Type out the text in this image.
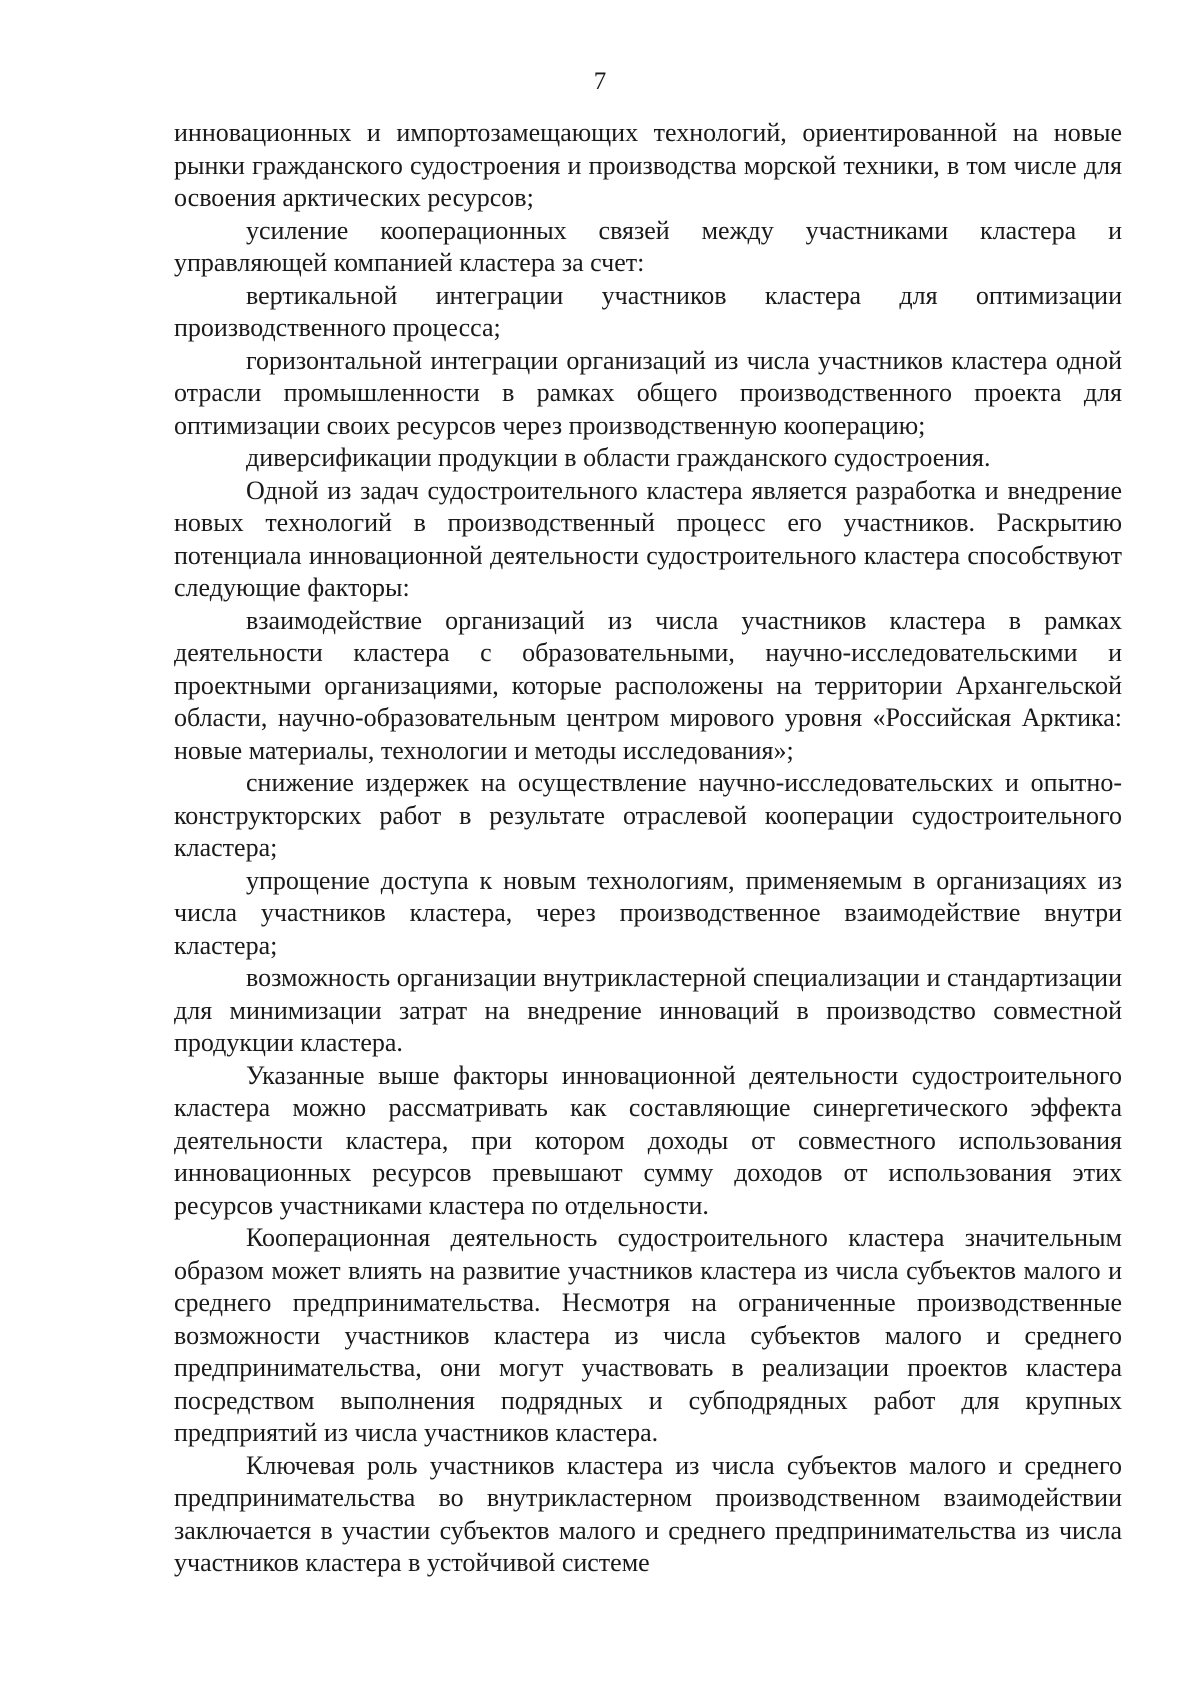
7

инновационных и импортозамещающих технологий, ориентированной на новые рынки гражданского судостроения и производства морской техники, в том числе для освоения арктических ресурсов;

усиление кооперационных связей между участниками кластера и управляющей компанией кластера за счет:

вертикальной интеграции участников кластера для оптимизации производственного процесса;

горизонтальной интеграции организаций из числа участников кластера одной отрасли промышленности в рамках общего производственного проекта для оптимизации своих ресурсов через производственную кооперацию;

диверсификации продукции в области гражданского судостроения.

Одной из задач судостроительного кластера является разработка и внедрение новых технологий в производственный процесс его участников. Раскрытию потенциала инновационной деятельности судостроительного кластера способствуют следующие факторы:

взаимодействие организаций из числа участников кластера в рамках деятельности кластера с образовательными, научно-исследовательскими и проектными организациями, которые расположены на территории Архангельской области, научно-образовательным центром мирового уровня «Российская Арктика: новые материалы, технологии и методы исследования»;

снижение издержек на осуществление научно-исследовательских и опытно-конструкторских работ в результате отраслевой кооперации судостроительного кластера;

упрощение доступа к новым технологиям, применяемым в организациях из числа участников кластера, через производственное взаимодействие внутри кластера;

возможность организации внутрикластерной специализации и стандартизации для минимизации затрат на внедрение инноваций в производство совместной продукции кластера.

Указанные выше факторы инновационной деятельности судостроительного кластера можно рассматривать как составляющие синергетического эффекта деятельности кластера, при котором доходы от совместного использования инновационных ресурсов превышают сумму доходов от использования этих ресурсов участниками кластера по отдельности.

Кооперационная деятельность судостроительного кластера значительным образом может влиять на развитие участников кластера из числа субъектов малого и среднего предпринимательства. Несмотря на ограниченные производственные возможности участников кластера из числа субъектов малого и среднего предпринимательства, они могут участвовать в реализации проектов кластера посредством выполнения подрядных и субподрядных работ для крупных предприятий из числа участников кластера.

Ключевая роль участников кластера из числа субъектов малого и среднего предпринимательства во внутрикластерном производственном взаимодействии заключается в участии субъектов малого и среднего предпринимательства из числа участников кластера в устойчивой системе
